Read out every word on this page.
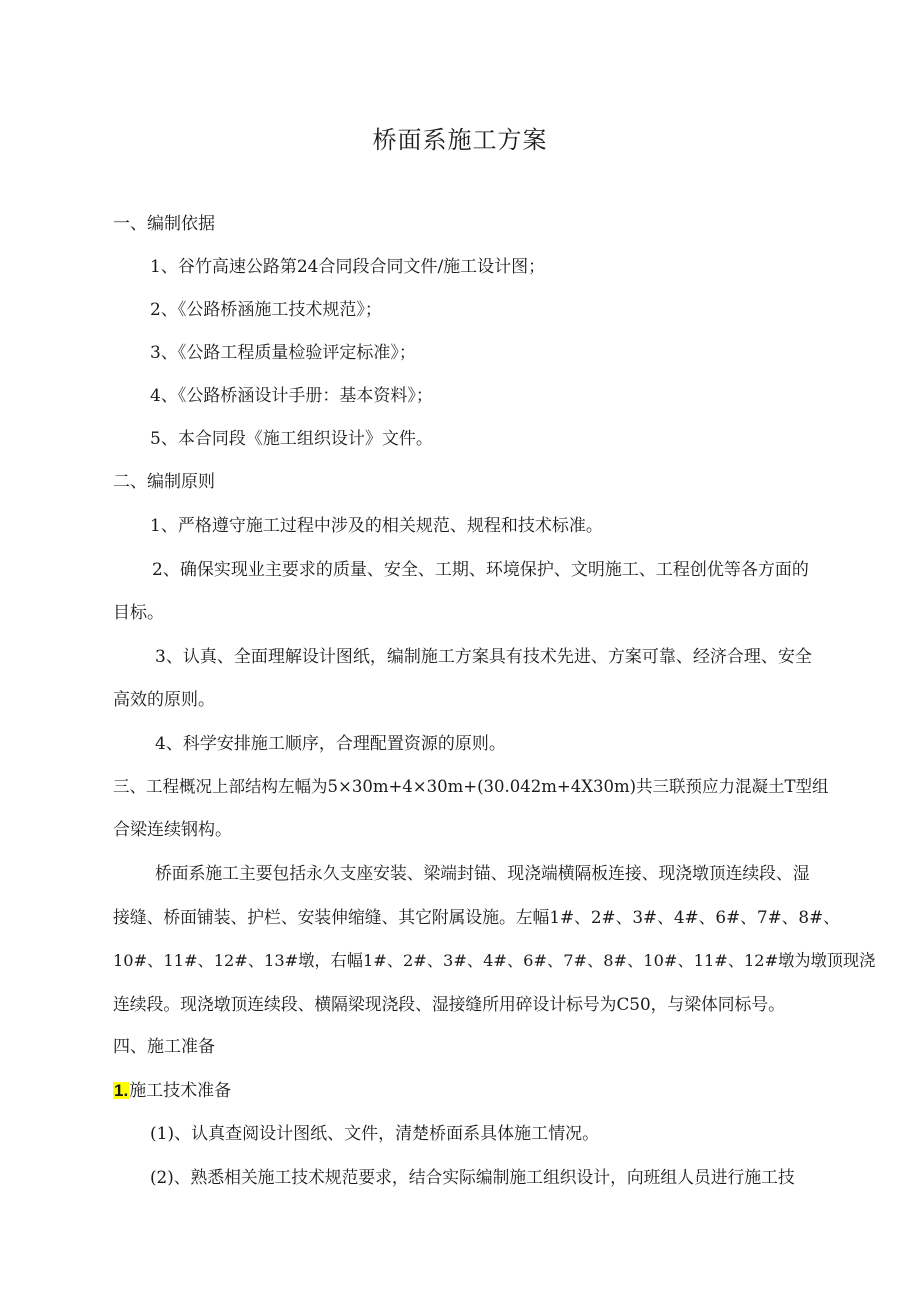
桥面系施工方案
一、编制依据
1、谷竹高速公路第24合同段合同文件/施工设计图；
2、《公路桥涵施工技术规范》；
3、《公路工程质量检验评定标准》；
4、《公路桥涵设计手册：基本资料》；
5、本合同段《施工组织设计》文件。
二、编制原则
1、严格遵守施工过程中涉及的相关规范、规程和技术标准。
2、确保实现业主要求的质量、安全、工期、环境保护、文明施工、工程创优等各方面的
目标。
3、认真、全面理解设计图纸，编制施工方案具有技术先进、方案可靠、经济合理、安全
高效的原则。
4、科学安排施工顺序，合理配置资源的原则。
三、工程概况上部结构左幅为5×30m+4×30m+(30.042m+4X30m)共三联预应力混凝土T型组
合梁连续钢构。
桥面系施工主要包括永久支座安装、梁端封锚、现浇端横隔板连接、现浇墩顶连续段、湿
接缝、桥面铺装、护栏、安装伸缩缝、其它附属设施。左幅1#、2#、3#、4#、6#、7#、8#、
10#、11#、12#、13#墩，右幅1#、2#、3#、4#、6#、7#、8#、10#、11#、12#墩为墩顶现浇
连续段。现浇墩顶连续段、横隔梁现浇段、湿接缝所用碎设计标号为C50，与梁体同标号。
四、施工准备
1.施工技术准备
(1)、认真查阅设计图纸、文件，清楚桥面系具体施工情况。
(2)、熟悉相关施工技术规范要求，结合实际编制施工组织设计，向班组人员进行施工技
